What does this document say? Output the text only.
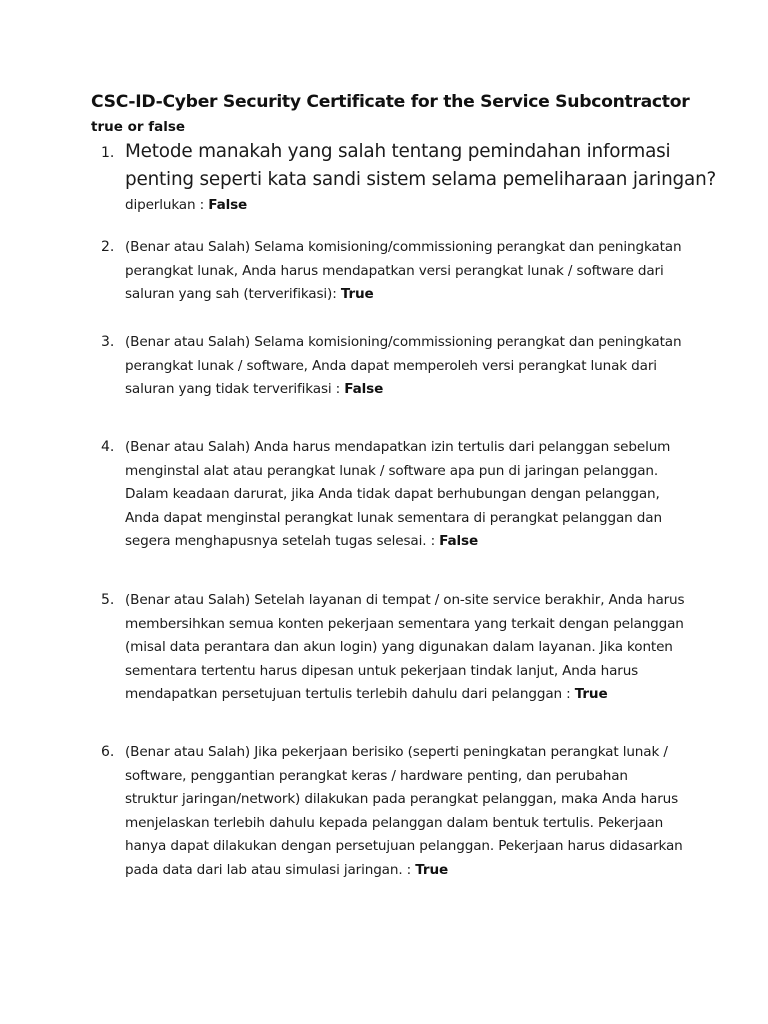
CSC-ID-Cyber Security Certificate for the Service Subcontractor
true or false
1. Metode manakah yang salah tentang pemindahan informasi
penting seperti kata sandi sistem selama pemeliharaan jaringan?
diperlukan : False
2. (Benar atau Salah) Selama komisioning/commissioning perangkat dan peningkatan
perangkat lunak, Anda harus mendapatkan versi perangkat lunak / software dari
saluran yang sah (terverifikasi): True
3. (Benar atau Salah) Selama komisioning/commissioning perangkat dan peningkatan
perangkat lunak / software, Anda dapat memperoleh versi perangkat lunak dari
saluran yang tidak terverifikasi : False
4. (Benar atau Salah) Anda harus mendapatkan izin tertulis dari pelanggan sebelum
menginstal alat atau perangkat lunak / software apa pun di jaringan pelanggan.
Dalam keadaan darurat, jika Anda tidak dapat berhubungan dengan pelanggan,
Anda dapat menginstal perangkat lunak sementara di perangkat pelanggan dan
segera menghapusnya setelah tugas selesai. : False
5. (Benar atau Salah) Setelah layanan di tempat / on-site service berakhir, Anda harus
membersihkan semua konten pekerjaan sementara yang terkait dengan pelanggan
(misal data perantara dan akun login) yang digunakan dalam layanan. Jika konten
sementara tertentu harus dipesan untuk pekerjaan tindak lanjut, Anda harus
mendapatkan persetujuan tertulis terlebih dahulu dari pelanggan : True
6. (Benar atau Salah) Jika pekerjaan berisiko (seperti peningkatan perangkat lunak /
software, penggantian perangkat keras / hardware penting, dan perubahan
struktur jaringan/network) dilakukan pada perangkat pelanggan, maka Anda harus
menjelaskan terlebih dahulu kepada pelanggan dalam bentuk tertulis. Pekerjaan
hanya dapat dilakukan dengan persetujuan pelanggan. Pekerjaan harus didasarkan
pada data dari lab atau simulasi jaringan. : True
